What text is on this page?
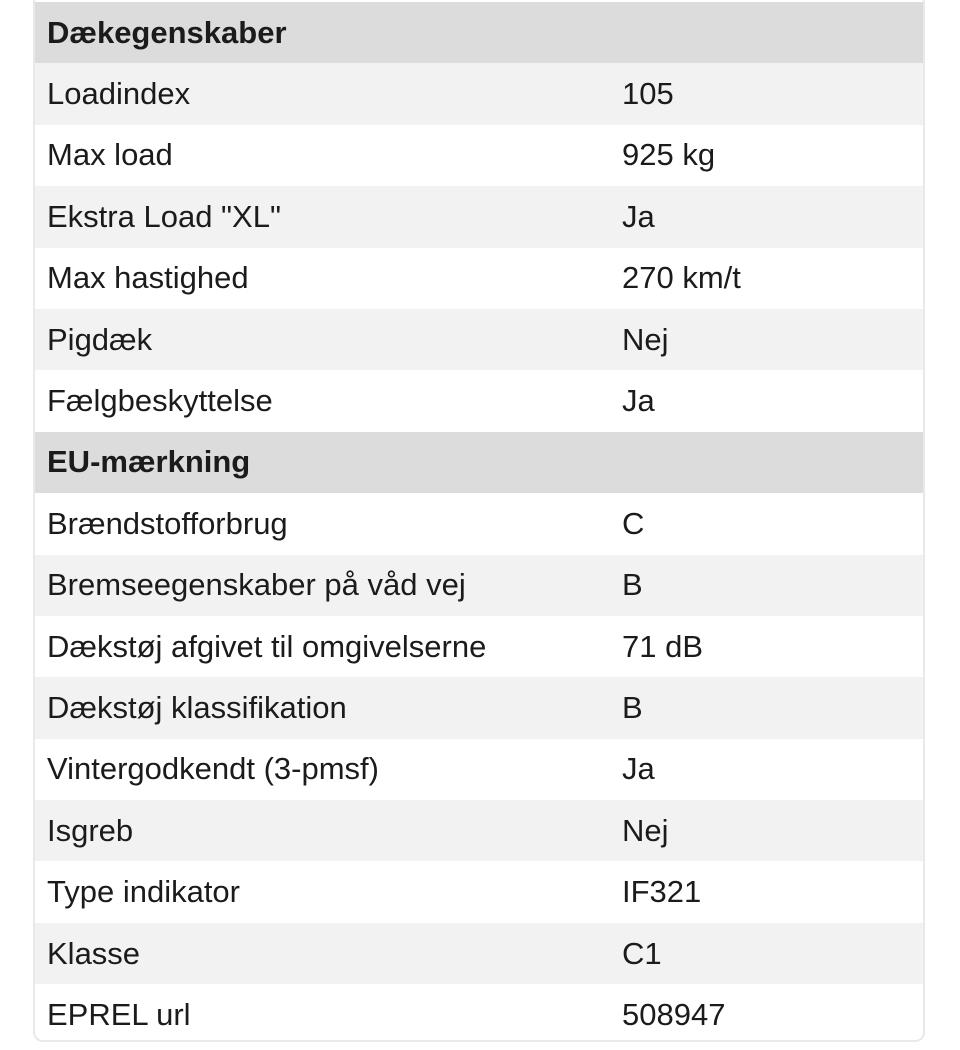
Dækegenskaber
Loadindex	105
Max load	925 kg
Ekstra Load "XL"	Ja
Max hastighed	270 km/t
Pigdæk	Nej
Fælgbeskyttelse	Ja
EU-mærkning
Brændstofforbrug	C
Bremseegenskaber på våd vej	B
Dækstøj afgivet til omgivelserne	71 dB
Dækstøj klassifikation	B
Vintergodkendt (3-pmsf)	Ja
Isgreb	Nej
Type indikator	IF321
Klasse	C1
EPREL url	508947
